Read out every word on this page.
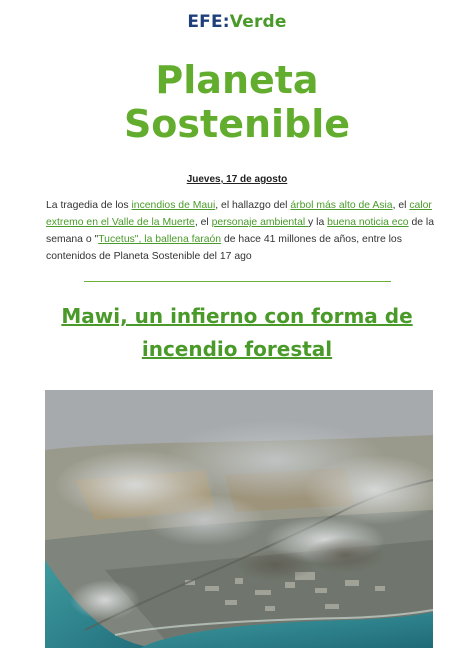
EFE:Verde
Planeta
Sostenible
Jueves, 17 de agosto
La tragedia de los incendios de Maui, el hallazgo del árbol más alto de Asia, el calor extremo en el Valle de la Muerte, el personaje ambiental y la buena noticia eco de la semana o "Tucetus", la ballena faraón de hace 41 millones de años, entre los contenidos de Planeta Sostenible del 17 ago
Mawi, un infierno con forma de
incendio forestal
